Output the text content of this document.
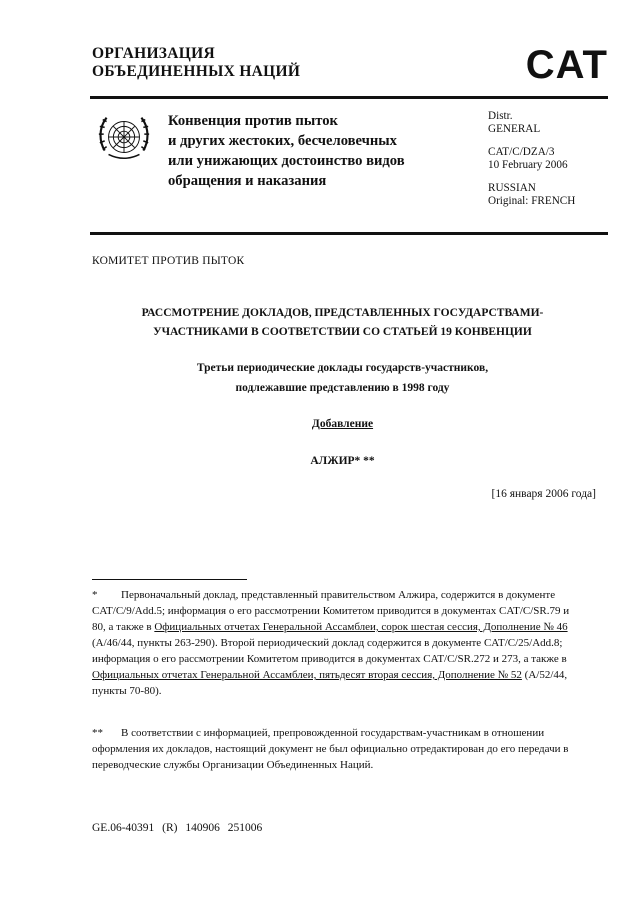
ОРГАНИЗАЦИЯ
ОБЪЕДИНЕННЫХ НАЦИЙ	CAT
Конвенция против пыток
и других жестоких, бесчеловечных
или унижающих достоинство видов
обращения и наказания
Distr.
GENERAL
CAT/C/DZA/3
10 February 2006
RUSSIAN
Original: FRENCH
КОМИТЕТ ПРОТИВ ПЫТОК
РАССМОТРЕНИЕ ДОКЛАДОВ, ПРЕДСТАВЛЕННЫХ ГОСУДАРСТВАМИ-
УЧАСТНИКАМИ В СООТВЕТСТВИИ СО СТАТЬЕЙ 19 КОНВЕНЦИИ
Третьи периодические доклады государств-участников,
подлежавшие представлению в 1998 году
Добавление
АЛЖИР* **
[16 января 2006 года]
* Первоначальный доклад, представленный правительством Алжира, содержится в документе CAT/C/9/Add.5; информация о его рассмотрении Комитетом приводится в документах CAT/C/SR.79 и 80, а также в Официальных отчетах Генеральной Ассамблеи, сорок шестая сессия, Дополнение № 46 (A/46/44, пункты 263-290). Второй периодический доклад содержится в документе CAT/C/25/Add.8; информация о его рассмотрении Комитетом приводится в документах CAT/C/SR.272 и 273, а также в Официальных отчетах Генеральной Ассамблеи, пятьдесят вторая сессия, Дополнение № 52 (A/52/44, пункты 70-80).
** В соответствии с информацией, препровожденной государствам-участникам в отношении оформления их докладов, настоящий документ не был официально отредактирован до его передачи в переводческие службы Организации Объединенных Наций.
GE.06-40391 (R) 140906 251006
